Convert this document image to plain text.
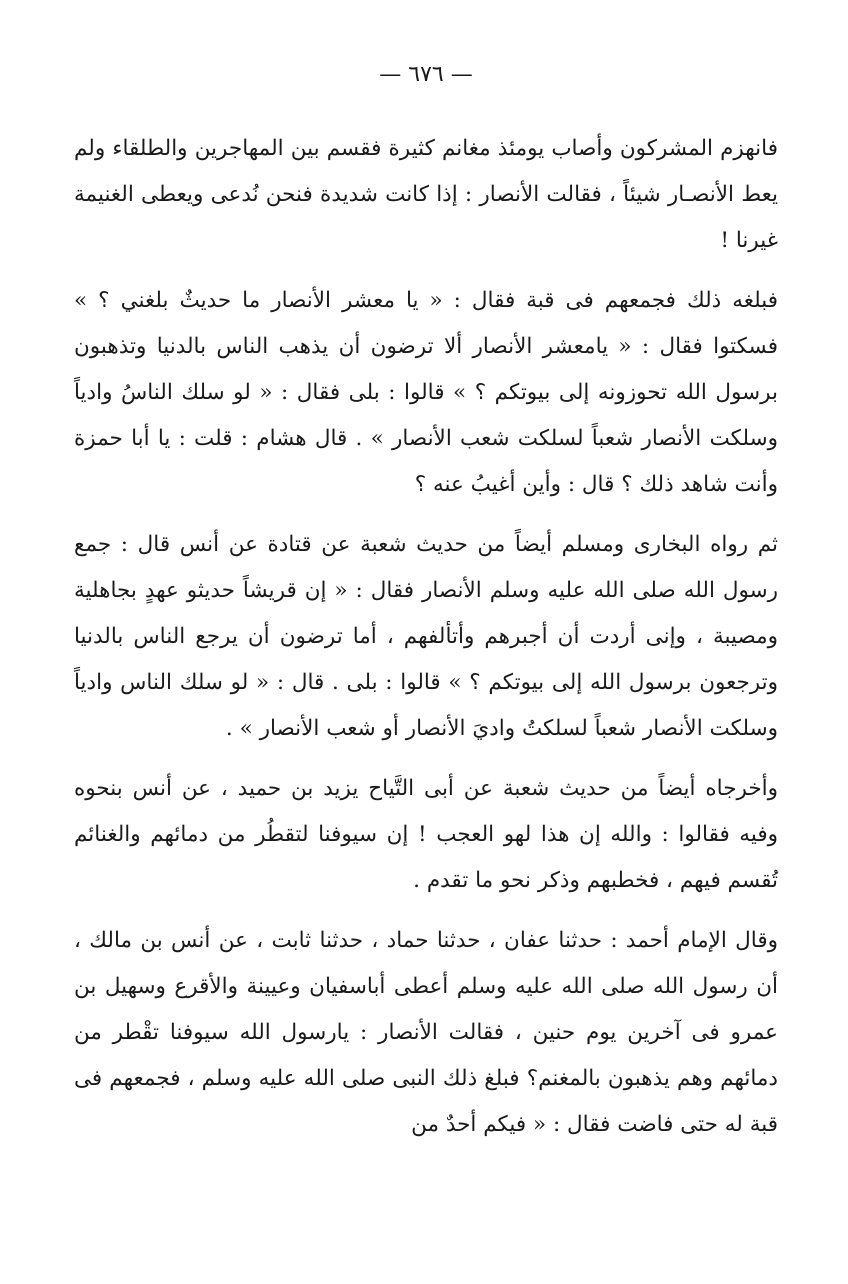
— ٦٧٦ —

فانهزم المشركون وأصاب يومئذ مغانم كثيرة فقسم بين المهاجرين والطلقاء ولم يعط الأنصـار شيئاً ، فقالت الأنصار : إذا كانت شديدة فنحن نُدعى ويعطى الغنيمة غيرنا !

فبلغه ذلك فجمعهم فى قبة فقال : « يا معشر الأنصار ما حديثٌ بلغني ؟ » فسكتوا فقال : « يامعشر الأنصار ألا ترضون أن يذهب الناس بالدنيا وتذهبون برسول الله تحوزونه إلى بيوتكم ؟ » قالوا : بلى فقال : « لو سلك الناسُ وادياً وسلكت الأنصار شعباً لسلكت شعب الأنصار » . قال هشام : قلت : يا أبا حمزة وأنت شاهد ذلك ؟ قال : وأين أغيبُ عنه ؟

ثم رواه البخارى ومسلم أيضاً من حديث شعبة عن قتادة عن أنس قال : جمع رسول الله صلى الله عليه وسلم الأنصار فقال : « إن قريشاً حديثو عهدٍ بجاهلية ومصيبة ، وإنى أردت أن أجبرهم وأتألفهم ، أما ترضون أن يرجع الناس بالدنيا وترجعون برسول الله إلى بيوتكم ؟ » قالوا : بلى . قال : « لو سلك الناس وادياً وسلكت الأنصار شعباً لسلكتُ واديَ الأنصار أو شعب الأنصار » .

وأخرجاه أيضاً من حديث شعبة عن أبى التَّياح يزيد بن حميد ، عن أنس بنحوه وفيه فقالوا : والله إن هذا لهو العجب ! إن سيوفنا لتقطُر من دمائهم والغنائم تُقسم فيهم ، فخطبهم وذكر نحو ما تقدم .

وقال الإمام أحمد : حدثنا عفان ، حدثنا حماد ، حدثنا ثابت ، عن أنس بن مالك ، أن رسول الله صلى الله عليه وسلم أعطى أباسفيان وعيينة والأقرع وسهيل بن عمرو فى آخرين يوم حنين ، فقالت الأنصار : يارسول الله سيوفنا تقْطر من دمائهم وهم يذهبون بالمغنم؟ فبلغ ذلك النبى صلى الله عليه وسلم ، فجمعهم فى قبة له حتى فاضت فقال : « فيكم أحدٌ من
